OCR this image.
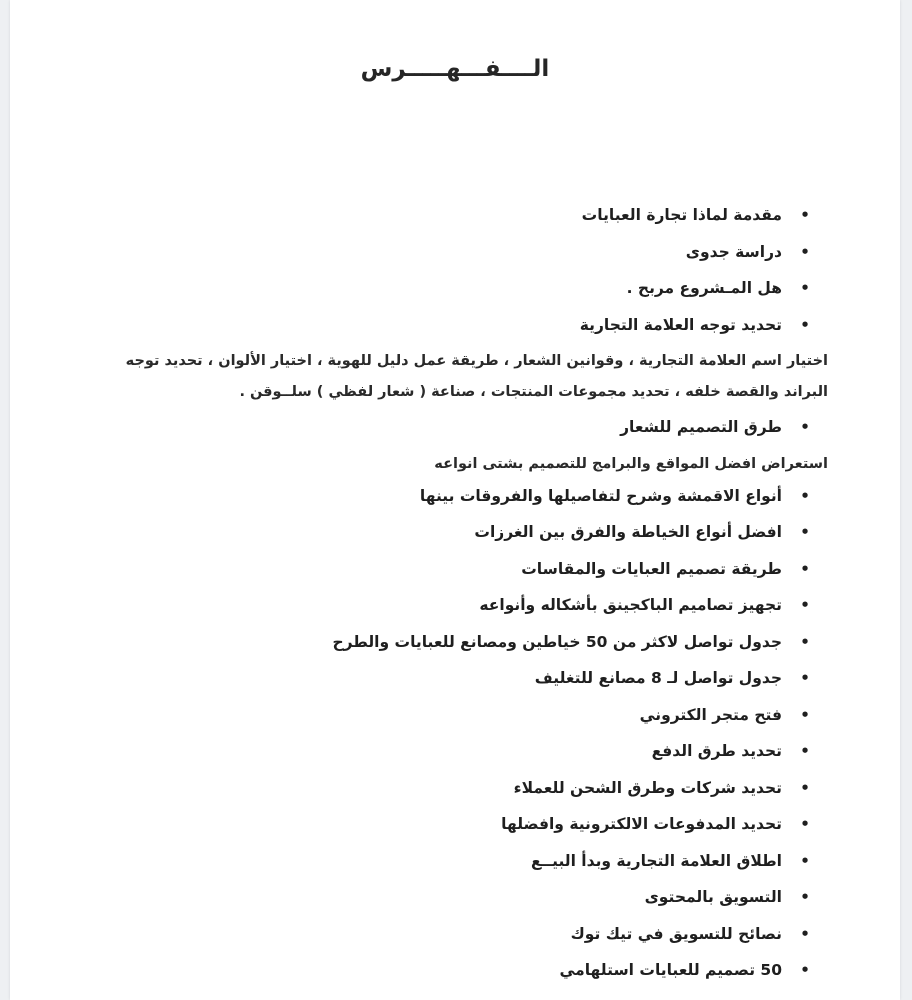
الــــفـــهـــــرس
•
مقدمة لماذا تجارة العبايات
•
دراسة جدوى
•
هل المـشروع مربح .
•
تحديد توجه العلامة التجارية

اختيار اسم العلامة التجارية ، وقوانين الشعار ، طريقة عمل دليل للهوية ، اختيار الألوان ، تحديد توجه

البراند والقصة خلفه ، تحديد مجموعات المنتجات ، صناعة ( شعار لفظي ) سلــوقن .

•
طرق التصميم للشعار

استعراض افضل المواقع والبرامج للتصميم بشتى انواعه

•
أنواع الاقمشة وشرح لتفاصيلها والفروقات بينها
•
افضل أنواع الخياطة والفرق بين الغرزات
•
طريقة تصميم العبايات والمقاسات
•
تجهيز تصاميم الباكجينق بأشكاله وأنواعه
•
جدول تواصل لاكثر من 50 خياطين ومصانع للعبايات والطرح
•
جدول تواصل لـ 8 مصانع للتغليف
•
فتح متجر الكتروني
•
تحديد طرق الدفع
•
تحديد شركات وطرق الشحن للعملاء
•
تحديد المدفوعات الالكترونية وافضلها
•
اطلاق العلامة التجارية وبدأ البيــع
•
التسويق بالمحتوى
•
نصائح للتسويق في تيك توك
•
50 تصميم للعبايات استلهامي
